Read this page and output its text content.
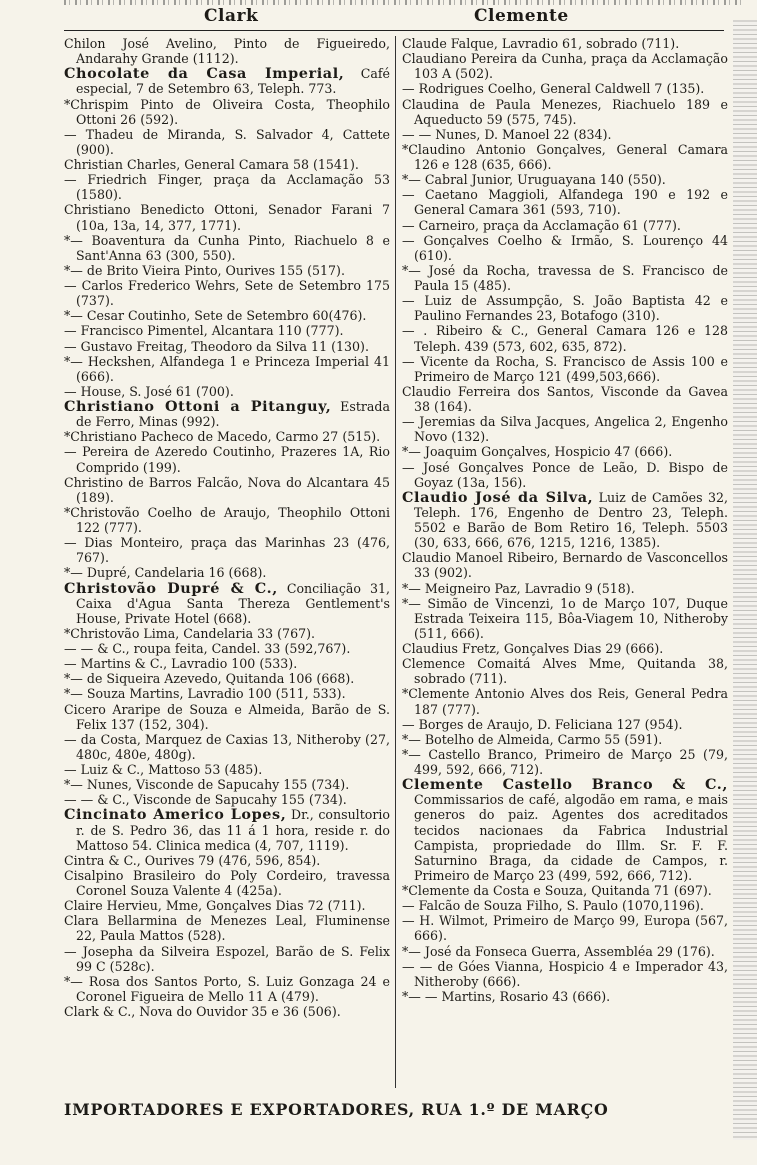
Clark	Clemente

Chilon José Avelino, Pinto de Figueiredo, Andarahy Grande (1112).

Chocolate da Casa Imperial, Café especial, 7 de Setembro 63, Teleph. 773.

*Chrispim Pinto de Oliveira Costa, Theophilo Ottoni 26 (592).

— Thadeu de Miranda, S. Salvador 4, Cattete (900).

Christian Charles, General Camara 58 (1541).

— Friedrich Finger, praça da Acclamação 53 (1580).

Christiano Benedicto Ottoni, Senador Farani 7 (10a, 13a, 14, 377, 1771).

*— Boaventura da Cunha Pinto, Riachuelo 8 e Sant'Anna 63 (300, 550).

*— de Brito Vieira Pinto, Ourives 155 (517).

— Carlos Frederico Wehrs, Sete de Setembro 175 (737).

*— Cesar Coutinho, Sete de Setembro 60(476).

— Francisco Pimentel, Alcantara 110 (777).

— Gustavo Freitag, Theodoro da Silva 11 (130).

*— Heckshen, Alfandega 1 e Princeza Imperial 41 (666).

— House, S. José 61 (700).

Christiano Ottoni a Pitanguy, Estrada de Ferro, Minas (992).

*Christiano Pacheco de Macedo, Carmo 27 (515).

— Pereira de Azeredo Coutinho, Prazeres 1A, Rio Comprido (199).

Christino de Barros Falcão, Nova do Alcantara 45 (189).

*Christovão Coelho de Araujo, Theophilo Ottoni 122 (777).

— Dias Monteiro, praça das Marinhas 23 (476, 767).

*— Dupré, Candelaria 16 (668).

Christovão Dupré & C., Conciliação 31, Caixa d'Agua Santa Thereza Gentlement's House, Private Hotel (668).

*Christovão Lima, Candelaria 33 (767).

— — & C., roupa feita, Candel. 33 (592,767).

— Martins & C., Lavradio 100 (533).

*— de Siqueira Azevedo, Quitanda 106 (668).

*— Souza Martins, Lavradio 100 (511, 533).

Cicero Araripe de Souza e Almeida, Barão de S. Felix 137 (152, 304).

— da Costa, Marquez de Caxias 13, Nitheroby (27, 480c, 480e, 480g).

— Luiz & C., Mattoso 53 (485).

*— Nunes, Visconde de Sapucahy 155 (734).

— — & C., Visconde de Sapucahy 155 (734).

Cincinato Americo Lopes, Dr., consultorio r. de S. Pedro 36, das 11 á 1 hora, reside r. do Mattoso 54. Clinica medica (4, 707, 1119).

Cintra & C., Ourives 79 (476, 596, 854).

Cisalpino Brasileiro do Poly Cordeiro, travessa Coronel Souza Valente 4 (425a).

Claire Hervieu, Mme, Gonçalves Dias 72 (711).

Clara Bellarmina de Menezes Leal, Fluminense 22, Paula Mattos (528).

— Josepha da Silveira Espozel, Barão de S. Felix 99 C (528c).

*— Rosa dos Santos Porto, S. Luiz Gonzaga 24 e Coronel Figueira de Mello 11 A (479).

Clark & C., Nova do Ouvidor 35 e 36 (506).

Claude Falque, Lavradio 61, sobrado (711).

Claudiano Pereira da Cunha, praça da Acclamação 103 A (502).

— Rodrigues Coelho, General Caldwell 7 (135).

Claudina de Paula Menezes, Riachuelo 189 e Aqueducto 59 (575, 745).

— — Nunes, D. Manoel 22 (834).

*Claudino Antonio Gonçalves, General Camara 126 e 128 (635, 666).

*— Cabral Junior, Uruguayana 140 (550).

— Caetano Maggioli, Alfandega 190 e 192 e General Camara 361 (593, 710).

— Carneiro, praça da Acclamação 61 (777).

— Gonçalves Coelho & Irmão, S. Lourenço 44 (610).

*— José da Rocha, travessa de S. Francisco de Paula 15 (485).

— Luiz de Assumpção, S. João Baptista 42 e Paulino Fernandes 23, Botafogo (310).

— . Ribeiro & C., General Camara 126 e 128 Teleph. 439 (573, 602, 635, 872).

— Vicente da Rocha, S. Francisco de Assis 100 e Primeiro de Março 121 (499,503,666).

Claudio Ferreira dos Santos, Visconde da Gavea 38 (164).

— Jeremias da Silva Jacques, Angelica 2, Engenho Novo (132).

*— Joaquim Gonçalves, Hospicio 47 (666).

— José Gonçalves Ponce de Leão, D. Bispo de Goyaz (13a, 156).

Claudio José da Silva, Luiz de Camões 32, Teleph. 176, Engenho de Dentro 23, Teleph. 5502 e Barão de Bom Retiro 16, Teleph. 5503 (30, 633, 666, 676, 1215, 1216, 1385).

Claudio Manoel Ribeiro, Bernardo de Vasconcellos 33 (902).

*— Meigneiro Paz, Lavradio 9 (518).

*— Simão de Vincenzi, 1o de Março 107, Duque Estrada Teixeira 115, Bôa-Viagem 10, Nitheroby (511, 666).

Claudius Fretz, Gonçalves Dias 29 (666).

Clemence Comaitá Alves Mme, Quitanda 38, sobrado (711).

*Clemente Antonio Alves dos Reis, General Pedra 187 (777).

— Borges de Araujo, D. Feliciana 127 (954).

*— Botelho de Almeida, Carmo 55 (591).

*— Castello Branco, Primeiro de Março 25 (79, 499, 592, 666, 712).

Clemente Castello Branco & C., Commissarios de café, algodão em rama, e mais generos do paiz. Agentes dos acreditados tecidos nacionaes da Fabrica Industrial Campista, propriedade do Illm. Sr. F. F. Saturnino Braga, da cidade de Campos, r. Primeiro de Março 23 (499, 592, 666, 712).

*Clemente da Costa e Souza, Quitanda 71 (697).

— Falcão de Souza Filho, S. Paulo (1070,1196).

— H. Wilmot, Primeiro de Março 99, Europa (567, 666).

*— José da Fonseca Guerra, Assembléa 29 (176).

— — de Góes Vianna, Hospicio 4 e Imperador 43, Nitheroby (666).

*— — Martins, Rosario 43 (666).

IMPORTADORES E EXPORTADORES, RUA 1.º DE MARÇO
